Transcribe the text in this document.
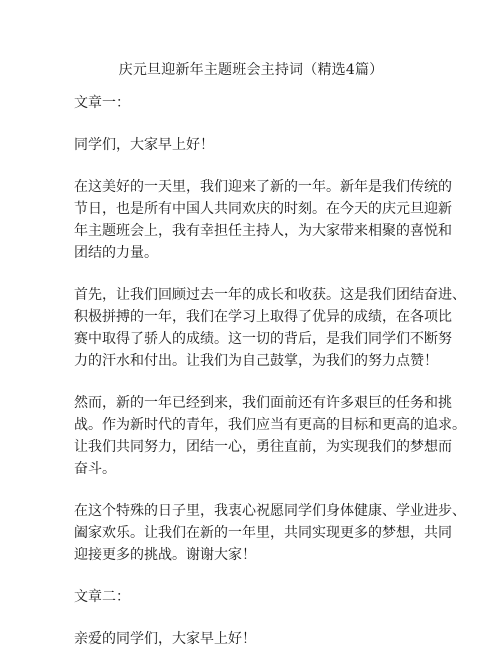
庆元旦迎新年主题班会主持词（精选4篇）

文章一：

同学们，大家早上好！

在这美好的一天里，我们迎来了新的一年。新年是我们传统的
节日，也是所有中国人共同欢庆的时刻。在今天的庆元旦迎新
年主题班会上，我有幸担任主持人，为大家带来相聚的喜悦和
团结的力量。

首先，让我们回顾过去一年的成长和收获。这是我们团结奋进、
积极拼搏的一年，我们在学习上取得了优异的成绩，在各项比
赛中取得了骄人的成绩。这一切的背后，是我们同学们不断努
力的汗水和付出。让我们为自己鼓掌，为我们的努力点赞！

然而，新的一年已经到来，我们面前还有许多艰巨的任务和挑
战。作为新时代的青年，我们应当有更高的目标和更高的追求。
让我们共同努力，团结一心，勇往直前，为实现我们的梦想而
奋斗。

在这个特殊的日子里，我衷心祝愿同学们身体健康、学业进步、
阖家欢乐。让我们在新的一年里，共同实现更多的梦想，共同
迎接更多的挑战。谢谢大家！

文章二：

亲爱的同学们，大家早上好！
